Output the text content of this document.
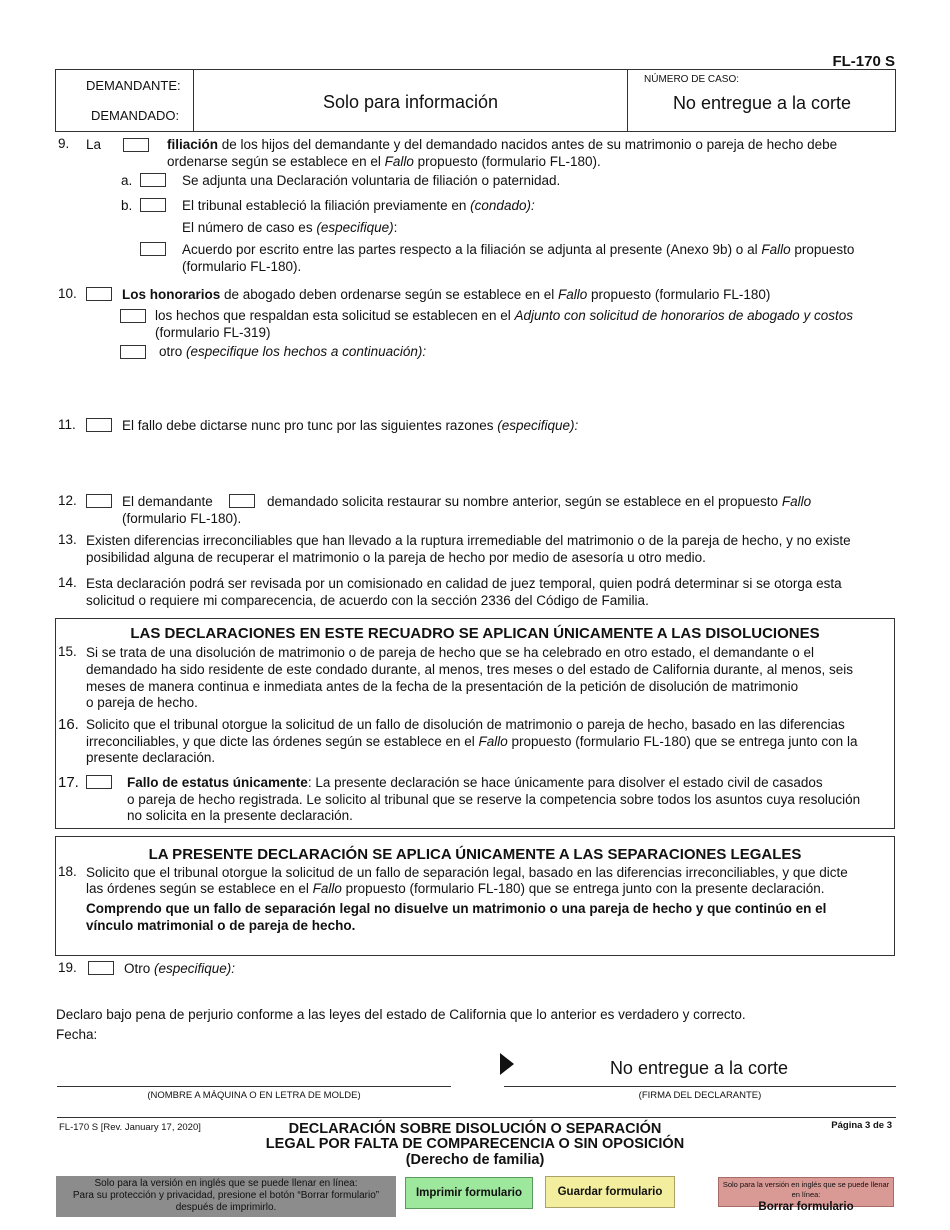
FL-170 S
DEMANDANTE:
DEMANDADO:
Solo para información
NÚMERO DE CASO:
No entregue a la corte
9. La	filiación de los hijos del demandante y del demandado nacidos antes de su matrimonio o pareja de hecho debe
ordenarse según se establece en el Fallo propuesto (formulario FL-180).
a.	Se adjunta una Declaración voluntaria de filiación o paternidad.
b.	El tribunal estableció la filiación previamente en (condado):
El número de caso es (especifique):
Acuerdo por escrito entre las partes respecto a la filiación se adjunta al presente (Anexo 9b) o al Fallo propuesto
(formulario FL-180).
10.	Los honorarios de abogado deben ordenarse según se establece en el Fallo propuesto (formulario FL-180)
los hechos que respaldan esta solicitud se establecen en el Adjunto con solicitud de honorarios de abogado y costos
(formulario FL-319)
otro (especifique los hechos a continuación):
11.	El fallo debe dictarse nunc pro tunc por las siguientes razones (especifique):
12.	El demandante	demandado solicita restaurar su nombre anterior, según se establece en el propuesto Fallo
(formulario FL-180).
13. Existen diferencias irreconciliables que han llevado a la ruptura irremediable del matrimonio o de la pareja de hecho, y no existe
posibilidad alguna de recuperar el matrimonio o la pareja de hecho por medio de asesoría u otro medio.
14. Esta declaración podrá ser revisada por un comisionado en calidad de juez temporal, quien podrá determinar si se otorga esta
solicitud o requiere mi comparecencia, de acuerdo con la sección 2336 del Código de Familia.
LAS DECLARACIONES EN ESTE RECUADRO SE APLICAN ÚNICAMENTE A LAS DISOLUCIONES
15. Si se trata de una disolución de matrimonio o de pareja de hecho que se ha celebrado en otro estado, el demandante o el
demandado ha sido residente de este condado durante, al menos, tres meses o del estado de California durante, al menos, seis
meses de manera continua e inmediata antes de la fecha de la presentación de la petición de disolución de matrimonio
o pareja de hecho.
16. Solicito que el tribunal otorgue la solicitud de un fallo de disolución de matrimonio o pareja de hecho, basado en las diferencias
irreconciliables, y que dicte las órdenes según se establece en el Fallo propuesto (formulario FL-180) que se entrega junto con la
presente declaración.
17.	Fallo de estatus únicamente: La presente declaración se hace únicamente para disolver el estado civil de casados
o pareja de hecho registrada. Le solicito al tribunal que se reserve la competencia sobre todos los asuntos cuya resolución
no solicita en la presente declaración.
LA PRESENTE DECLARACIÓN SE APLICA ÚNICAMENTE A LAS SEPARACIONES LEGALES
18. Solicito que el tribunal otorgue la solicitud de un fallo de separación legal, basado en las diferencias irreconciliables, y que dicte
las órdenes según se establece en el Fallo propuesto (formulario FL-180) que se entrega junto con la presente declaración.
Comprendo que un fallo de separación legal no disuelve un matrimonio o una pareja de hecho y que continúo en el
vínculo matrimonial o de pareja de hecho.
19.	Otro (especifique):
Declaro bajo pena de perjurio conforme a las leyes del estado de California que lo anterior es verdadero y correcto.
Fecha:
No entregue a la corte
(NOMBRE A MÁQUINA O EN LETRA DE MOLDE)	(FIRMA DEL DECLARANTE)
FL-170 S [Rev. January 17, 2020]	DECLARACIÓN SOBRE DISOLUCIÓN O SEPARACIÓN
LEGAL POR FALTA DE COMPARECENCIA O SIN OPOSICIÓN
(Derecho de familia)
Página 3 de 3
Solo para la versión en inglés que se puede llenar en línea:
Para su protección y privacidad, presione el botón “Borrar formulario”
después de imprimirlo.
Imprimir formulario	Guardar formulario
Solo para la versión en inglés que se puede llenar en línea:
Borrar formulario
